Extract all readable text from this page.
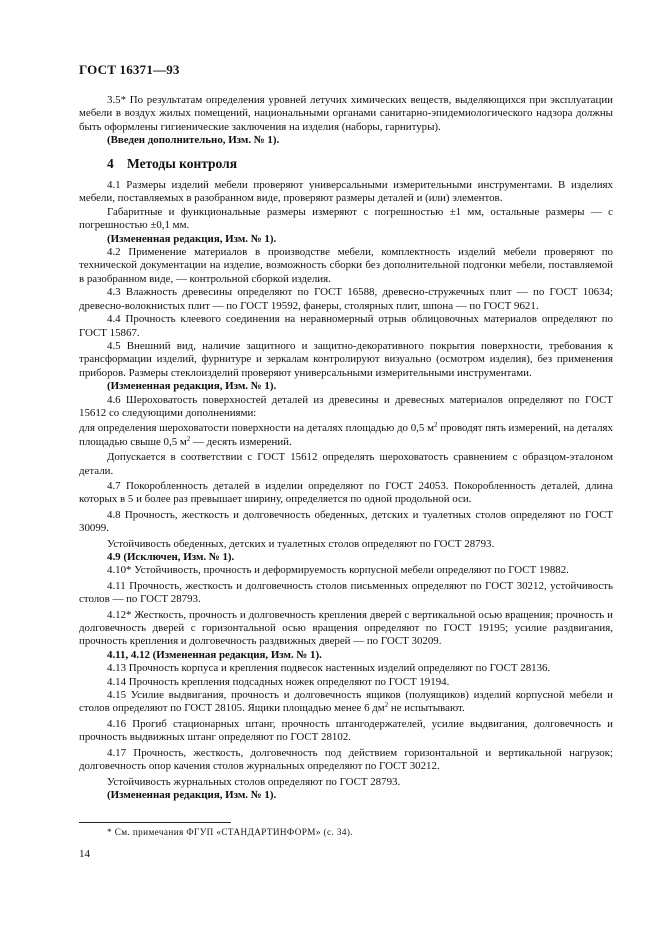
ГОСТ 16371—93

3.5* По результатам определения уровней летучих химических веществ, выделяющихся при эксплуатации мебели в воздух жилых помещений, национальными органами санитарно-эпидемиологического надзора должны быть оформлены гигиенические заключения на изделия (наборы, гарнитуры).

(Введен дополнительно, Изм. № 1).

4 Методы контроля

4.1 Размеры изделий мебели проверяют универсальными измерительными инструментами. В изделиях мебели, поставляемых в разобранном виде, проверяют размеры деталей и (или) элементов.

Габаритные и функциональные размеры измеряют с погрешностью ±1 мм, остальные размеры — с погрешностью ±0,1 мм.

(Измененная редакция, Изм. № 1).

4.2 Применение материалов в производстве мебели, комплектность изделий мебели проверяют по технической документации на изделие, возможность сборки без дополнительной подгонки мебели, поставляемой в разобранном виде, — контрольной сборкой изделия.

4.3 Влажность древесины определяют по ГОСТ 16588, древесно-стружечных плит — по ГОСТ 10634; древесно-волокнистых плит — по ГОСТ 19592, фанеры, столярных плит, шпона — по ГОСТ 9621.

4.4 Прочность клеевого соединения на неравномерный отрыв облицовочных материалов определяют по ГОСТ 15867.

4.5 Внешний вид, наличие защитного и защитно-декоративного покрытия поверхности, требования к трансформации изделий, фурнитуре и зеркалам контролируют визуально (осмотром изделия), без применения приборов. Размеры стеклоизделий проверяют универсальными измерительными инструментами.

(Измененная редакция, Изм. № 1).

4.6 Шероховатость поверхностей деталей из древесины и древесных материалов определяют по ГОСТ 15612 со следующими дополнениями:

для определения шероховатости поверхности на деталях площадью до 0,5 $м^2$ проводят пять измерений, на деталях площадью свыше 0,5 $м^2$ — десять измерений.

Допускается в соответствии с ГОСТ 15612 определять шероховатость сравнением с образцом-эталоном детали.

4.7 Покоробленность деталей в изделии определяют по ГОСТ 24053. Покоробленность деталей, длина которых в 5 и более раз превышает ширину, определяется по одной продольной оси.

4.8 Прочность, жесткость и долговечность обеденных, детских и туалетных столов определяют по ГОСТ 30099.

Устойчивость обеденных, детских и туалетных столов определяют по ГОСТ 28793.

4.9 (Исключен, Изм. № 1).

4.10* Устойчивость, прочность и деформируемость корпусной мебели определяют по ГОСТ 19882.

4.11 Прочность, жесткость и долговечность столов письменных определяют по ГОСТ 30212, устойчивость столов — по ГОСТ 28793.

4.12* Жесткость, прочность и долговечность крепления дверей с вертикальной осью вращения; прочность и долговечность дверей с горизонтальной осью вращения определяют по ГОСТ 19195; усилие раздвигания, прочность крепления и долговечность раздвижных дверей — по ГОСТ 30209.

4.11, 4.12 (Измененная редакция, Изм. № 1).

4.13 Прочность корпуса и крепления подвесок настенных изделий определяют по ГОСТ 28136.

4.14 Прочность крепления подсадных ножек определяют по ГОСТ 19194.

4.15 Усилие выдвигания, прочность и долговечность ящиков (полуящиков) изделий корпусной мебели и столов определяют по ГОСТ 28105. Ящики площадью менее 6 $дм^2$ не испытывают.

4.16 Прогиб стационарных штанг, прочность штангодержателей, усилие выдвигания, долговечность и прочность выдвижных штанг определяют по ГОСТ 28102.

4.17 Прочность, жесткость, долговечность под действием горизонтальной и вертикальной нагрузок; долговечность опор качения столов журнальных определяют по ГОСТ 30212.

Устойчивость журнальных столов определяют по ГОСТ 28793.

(Измененная редакция, Изм. № 1).

* См. примечания ФГУП «СТАНДАРТИНФОРМ» (с. 34).
14
